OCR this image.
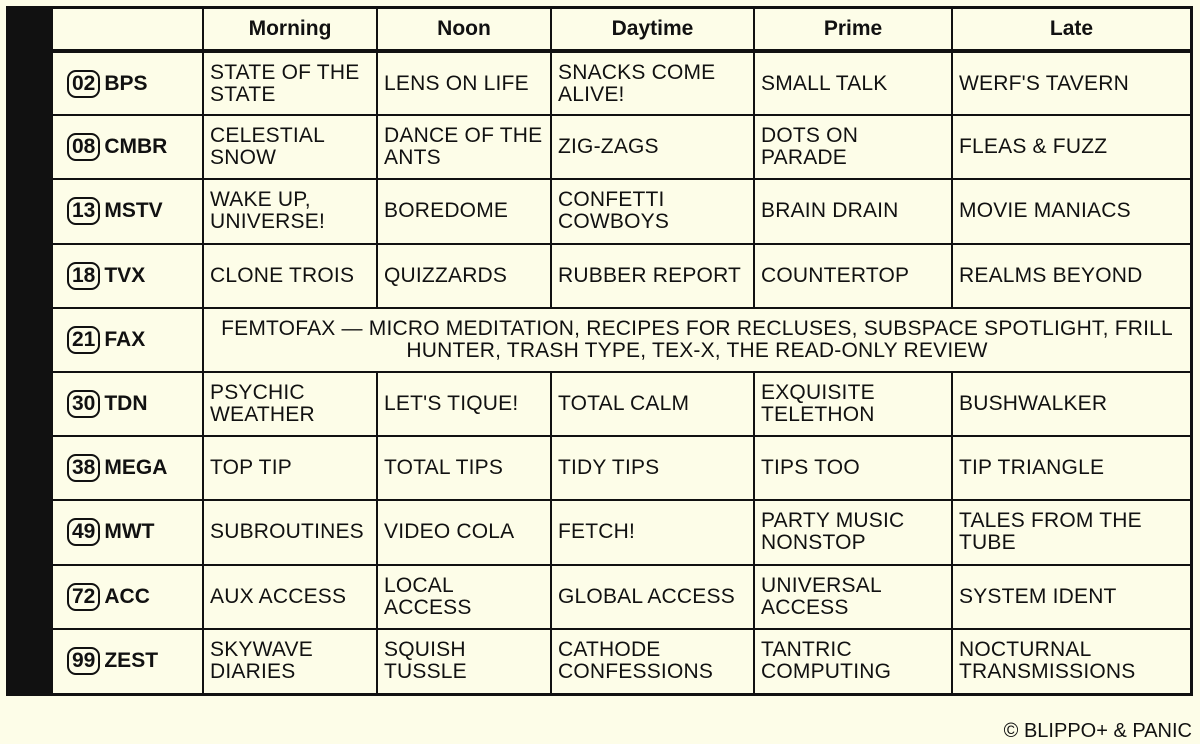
	Morning	Noon	Daytime	Prime	Late
02 BPS	STATE OF THE STATE	LENS ON LIFE	SNACKS COME ALIVE!	SMALL TALK	WERF'S TAVERN
08 CMBR	CELESTIAL SNOW	DANCE OF THE ANTS	ZIG-ZAGS	DOTS ON PARADE	FLEAS & FUZZ
13 MSTV	WAKE UP, UNIVERSE!	BOREDOME	CONFETTI COWBOYS	BRAIN DRAIN	MOVIE MANIACS
18 TVX	CLONE TROIS	QUIZZARDS	RUBBER REPORT	COUNTERTOP	REALMS BEYOND
21 FAX	FEMTOFAX — MICRO MEDITATION, RECIPES FOR RECLUSES, SUBSPACE SPOTLIGHT, FRILL HUNTER, TRASH TYPE, TEX-X, THE READ-ONLY REVIEW				
30 TDN	PSYCHIC WEATHER	LET'S TIQUE!	TOTAL CALM	EXQUISITE TELETHON	BUSHWALKER
38 MEGA	TOP TIP	TOTAL TIPS	TIDY TIPS	TIPS TOO	TIP TRIANGLE
49 MWT	SUBROUTINES	VIDEO COLA	FETCH!	PARTY MUSIC NONSTOP	TALES FROM THE TUBE
72 ACC	AUX ACCESS	LOCAL ACCESS	GLOBAL ACCESS	UNIVERSAL ACCESS	SYSTEM IDENT
99 ZEST	SKYWAVE DIARIES	SQUISH TUSSLE	CATHODE CONFESSIONS	TANTRIC COMPUTING	NOCTURNAL TRANSMISSIONS
© BLIPPO+ & PANIC
